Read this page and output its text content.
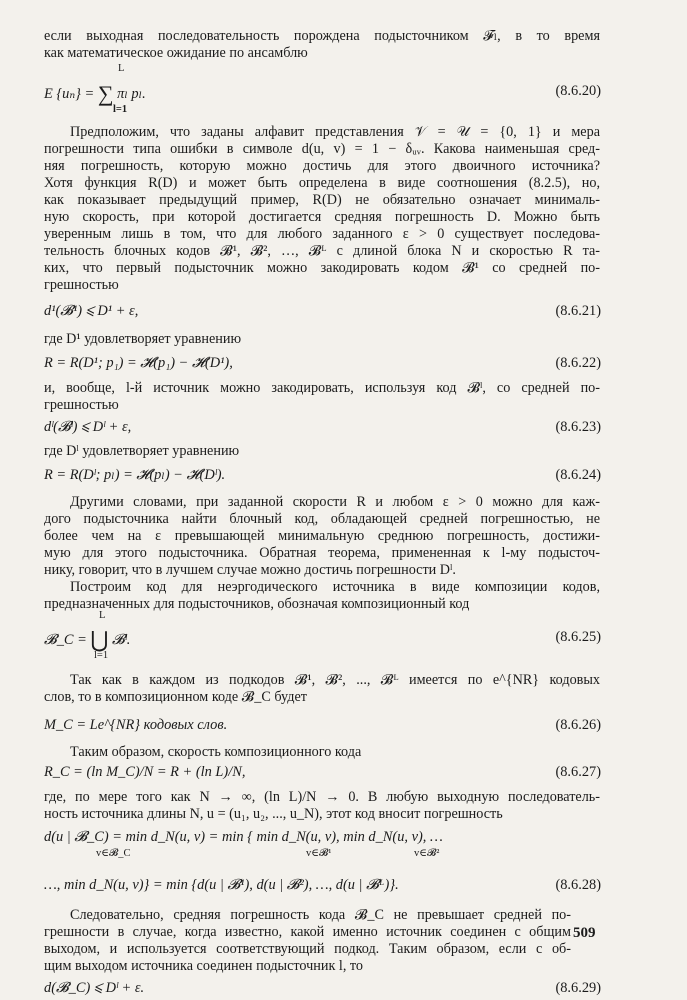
если выходная последовательность порождена подысточником 𝓕ₗ, в то время
как математическое ожидание по ансамблю
E {uₙ} = ∑ πₗ pₗ.
L
l=1
(8.6.20)
Предположим, что заданы алфавит представления 𝒱 = 𝒰 = {0, 1} и мера
погрешности типа ошибки в символе d(u, v) = 1 − δᵤᵥ. Какова наименьшая сред-
няя погрешность, которую можно достичь для этого двоичного источника?
Хотя функция R(D) и может быть определена в виде соотношения (8.2.5), но,
как показывает предыдущий пример, R(D) не обязательно означает минималь-
ную скорость, при которой достигается средняя погрешность D. Можно быть
уверенным лишь в том, что для любого заданного ε > 0 существует последова-
тельность блочных кодов 𝓑¹, 𝓑², …, 𝓑ᴸ с длиной блока N и скоростью R та-
ких, что первый подысточник можно закодировать кодом 𝓑¹ со средней по-
грешностью
d¹(𝓑¹) ⩽ D¹ + ε,	(8.6.21)
где D¹ удовлетворяет уравнению
R = R(D¹; p₁) = 𝓗(p₁) − 𝓗(D¹),	(8.6.22)
и, вообще, l-й источник можно закодировать, используя код 𝓑ˡ, со средней по-
грешностью
dˡ(𝓑ˡ) ⩽ Dˡ + ε,	(8.6.23)
где Dˡ удовлетворяет уравнению
R = R(Dˡ; pₗ) = 𝓗(pₗ) − 𝓗(Dˡ).	(8.6.24)
Другими словами, при заданной скорости R и любом ε > 0 можно для каж-
дого подысточника найти блочный код, обладающей средней погрешностью, не
более чем на ε превышающей минимальную среднюю погрешность, достижи-
мую для этого подысточника. Обратная теорема, примененная к l-му подысточ-
нику, говорит, что в лучшем случае можно достичь погрешности Dˡ.
Построим код для неэргодического источника в виде композиции кодов,
предназначенных для подысточников, обозначая композиционный код
𝓑_C = ⋃ 𝓑ˡ.
L
l=1
(8.6.25)
Так как в каждом из подкодов 𝓑¹, 𝓑², ..., 𝓑ᴸ имеется по e^{NR} кодовых
слов, то в композиционном коде 𝓑_C будет
M_C = Le^{NR} кодовых слов.	(8.6.26)
Таким образом, скорость композиционного кода
R_C = (ln M_C)/N = R + (ln L)/N,	(8.6.27)
где, по мере того как N → ∞, (ln L)/N → 0. В любую выходную последователь-
ность источника длины N, u = (u₁, u₂, ..., u_N), этот код вносит погрешность
d(u | 𝓑_C) = min d_N(u, v) = min { min d_N(u, v), min d_N(u, v), …
v∈𝓑_C	v∈𝓑¹	v∈𝓑²
…, min d_N(u, v)} = min {d(u | 𝓑¹), d(u | 𝓑²), …, d(u | 𝓑ᴸ)}.	(8.6.28)
Следовательно, средняя погрешность кода 𝓑_C не превышает средней по-
грешности в случае, когда известно, какой именно источник соединен с общим
выходом, и используется соответствующий подкод. Таким образом, если с об-
щим выходом источника соединен подысточник l, то
d(𝓑_C) ⩽ Dˡ + ε.	(8.6.29)
509
